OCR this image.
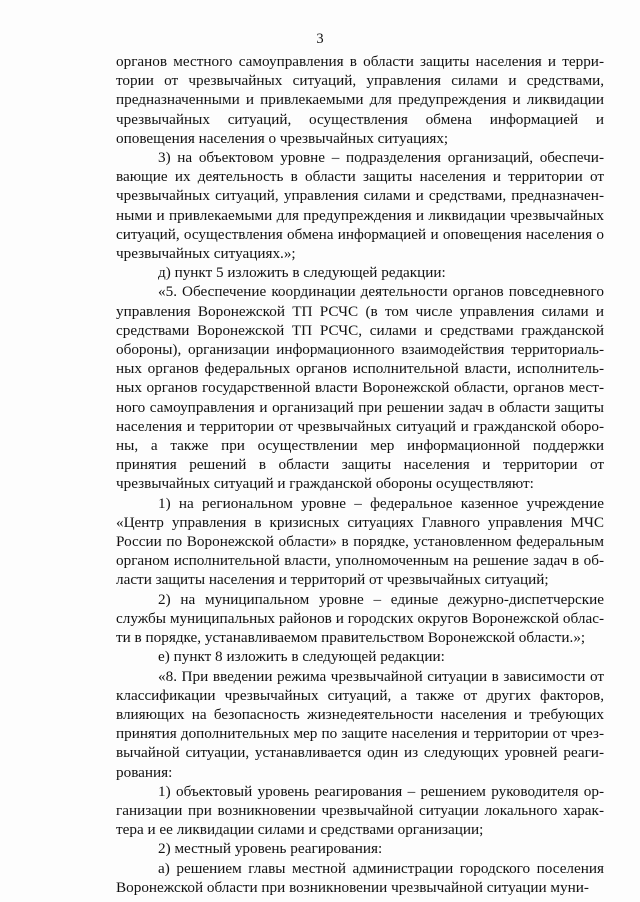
3

органов местного самоуправления в области защиты населения и территории от чрезвычайных ситуаций, управления силами и средствами, предназначенными и привлекаемыми для предупреждения и ликвидации чрезвычайных ситуаций, осуществления обмена информацией и оповещения населения о чрезвычайных ситуациях;

3) на объектовом уровне – подразделения организаций, обеспечивающие их деятельность в области защиты населения и территории от чрезвычайных ситуаций, управления силами и средствами, предназначенными и привлекаемыми для предупреждения и ликвидации чрезвычайных ситуаций, осуществления обмена информацией и оповещения населения о чрезвычайных ситуациях.»;

д) пункт 5 изложить в следующей редакции:

«5. Обеспечение координации деятельности органов повседневного управления Воронежской ТП РСЧС (в том числе управления силами и средствами Воронежской ТП РСЧС, силами и средствами гражданской обороны), организации информационного взаимодействия территориальных органов федеральных органов исполнительной власти, исполнительных органов государственной власти Воронежской области, органов местного самоуправления и организаций при решении задач в области защиты населения и территории от чрезвычайных ситуаций и гражданской обороны, а также при осуществлении мер информационной поддержки принятия решений в области защиты населения и территории от чрезвычайных ситуаций и гражданской обороны осуществляют:

1) на региональном уровне – федеральное казенное учреждение «Центр управления в кризисных ситуациях Главного управления МЧС России по Воронежской области» в порядке, установленном федеральным органом исполнительной власти, уполномоченным на решение задач в области защиты населения и территорий от чрезвычайных ситуаций;

2) на муниципальном уровне – единые дежурно-диспетчерские службы муниципальных районов и городских округов Воронежской области в порядке, устанавливаемом правительством Воронежской области.»;

е) пункт 8 изложить в следующей редакции:

«8. При введении режима чрезвычайной ситуации в зависимости от классификации чрезвычайных ситуаций, а также от других факторов, влияющих на безопасность жизнедеятельности населения и требующих принятия дополнительных мер по защите населения и территории от чрезвычайной ситуации, устанавливается один из следующих уровней реагирования:

1) объектовый уровень реагирования – решением руководителя организации при возникновении чрезвычайной ситуации локального характера и ее ликвидации силами и средствами организации;

2) местный уровень реагирования:

а) решением главы местной администрации городского поселения Воронежской области при возникновении чрезвычайной ситуации муни-
